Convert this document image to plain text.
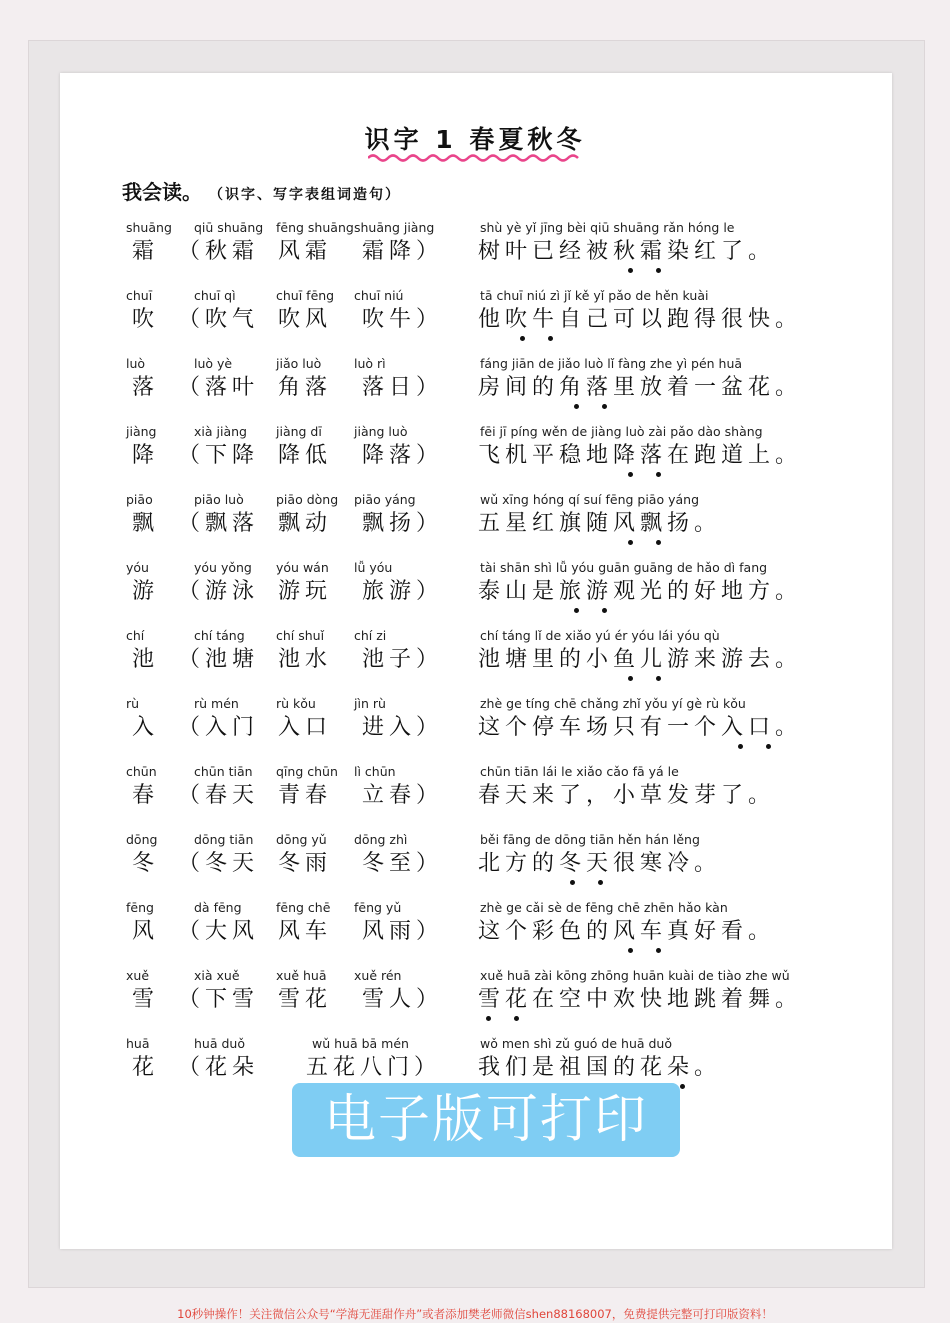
识字 1 春夏秋冬
我会读。 （识字、写字表组词造句）
shuāng
霜
qiū shuāng
（秋霜
fēng shuāng
风霜
shuāng jiàng
霜降）
shù yè yǐ jīng bèi qiū shuāng rǎn hóng le
树叶已经被秋霜染红了。
chuī
吹
chuī qì
（吹气
chuī fēng
吹风
chuī niú
吹牛）
tā chuī niú zì jǐ kě yǐ pǎo de hěn kuài
他吹牛自己可以跑得很快。
luò
落
luò yè
（落叶
jiǎo luò
角落
luò rì
落日）
fáng jiān de jiǎo luò lǐ fàng zhe yì pén huā
房间的角落里放着一盆花。
jiàng
降
xià jiàng
（下降
jiàng dī
降低
jiàng luò
降落）
fēi jī píng wěn de jiàng luò zài pǎo dào shàng
飞机平稳地降落在跑道上。
piāo
飘
piāo luò
（飘落
piāo dòng
飘动
piāo yáng
飘扬）
wǔ xīng hóng qí suí fēng piāo yáng
五星红旗随风飘扬。
yóu
游
yóu yǒng
（游泳
yóu wán
游玩
lǚ yóu
旅游）
tài shān shì lǚ yóu guān guāng de hǎo dì fang
泰山是旅游观光的好地方。
chí
池
chí táng
（池塘
chí shuǐ
池水
chí zi
池子）
chí táng lǐ de xiǎo yú ér yóu lái yóu qù
池塘里的小鱼儿游来游去。
rù
入
rù mén
（入门
rù kǒu
入口
jìn rù
进入）
zhè ge tíng chē chǎng zhǐ yǒu yí gè rù kǒu
这个停车场只有一个入口。
chūn
春
chūn tiān
（春天
qīng chūn
青春
lì chūn
立春）
chūn tiān lái le xiǎo cǎo fā yá le
春天来了，小草发芽了。
dōng
冬
dōng tiān
（冬天
dōng yǔ
冬雨
dōng zhì
冬至）
běi fāng de dōng tiān hěn hán lěng
北方的冬天很寒冷。
fēng
风
dà fēng
（大风
fēng chē
风车
fēng yǔ
风雨）
zhè ge cǎi sè de fēng chē zhēn hǎo kàn
这个彩色的风车真好看。
xuě
雪
xià xuě
（下雪
xuě huā
雪花
xuě rén
雪人）
xuě huā zài kōng zhōng huān kuài de tiào zhe wǔ
雪花在空中欢快地跳着舞。
huā
花
huā duǒ
（花朵
wǔ huā bā mén
五花八门）
wǒ men shì zǔ guó de huā duǒ
我们是祖国的花朵。
电子版可打印
10秒钟操作！关注微信公众号“学海无涯甜作舟”或者添加樊老师微信shen88168007，免费提供完整可打印版资料！
